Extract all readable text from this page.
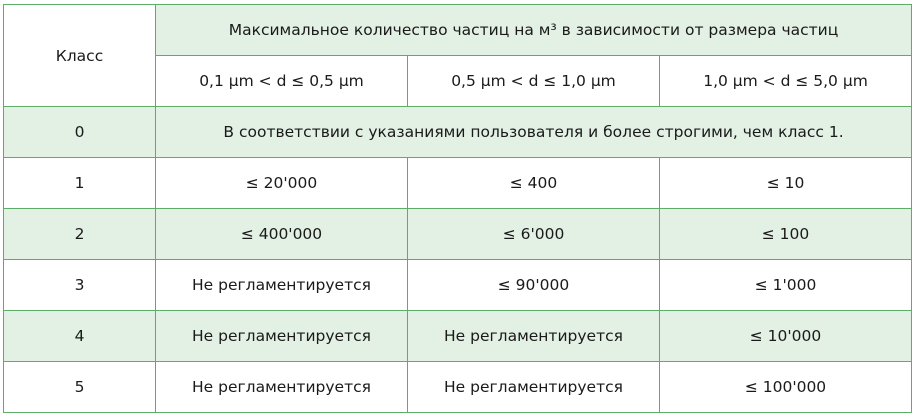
Класс	Максимальное количество частиц на м³ в зависимости от размера частиц		
	0,1 µm < d ≤ 0,5 µm	0,5 µm < d ≤ 1,0 µm	1,0 µm < d ≤ 5,0 µm
0	В соответствии с указаниями пользователя и более строгими, чем класс 1.		
1	≤ 20'000	≤ 400	≤ 10
2	≤ 400'000	≤ 6'000	≤ 100
3	Не регламентируется	≤ 90'000	≤ 1'000
4	Не регламентируется	Не регламентируется	≤ 10'000
5	Не регламентируется	Не регламентируется	≤ 100'000
